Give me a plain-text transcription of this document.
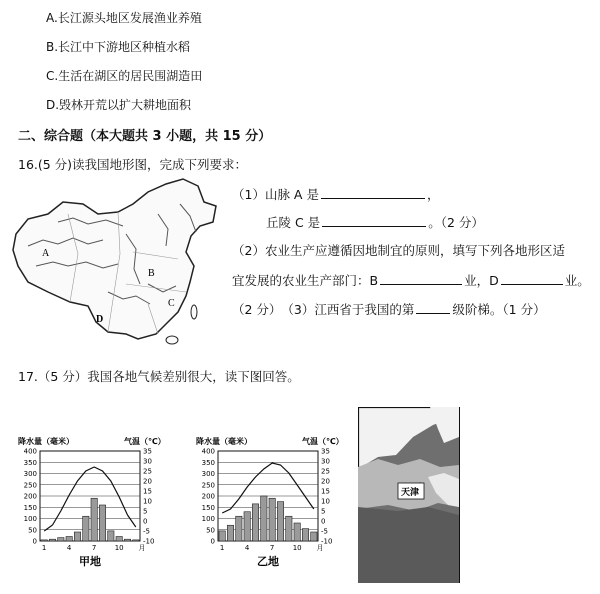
A.长江源头地区发展渔业养殖
B.长江中下游地区种植水稻
C.生活在湖区的居民围湖造田
D.毁林开荒以扩大耕地面积
二、综合题（本大题共 3 小题，共 15 分）
16.(5 分)读我国地形图，完成下列要求：
A
B
C
D
（1）山脉 A 是	，
丘陵 C 是	。（2 分）
（2）农业生产应遵循因地制宜的原则，填写下列各地形区适
宜发展的农业生产部门：B	业，D	业。
（2 分）　（3）江西省于我国的第	级阶梯。（1 分）
17.（5 分）我国各地气候差别很大，读下图回答。
降水量（毫米）	气温（℃）
0
50
100
150
200
250
300
350
400
-10
-5
0
5
10
15
20
25
30
35
1	4	7	10 月
甲地
降水量（毫米）	气温（℃）
0
50
100
150
200
250
300
350
400
-10
-5
0
5
10
15
20
25
30
35
1	4	7	10 月
乙地
天津
